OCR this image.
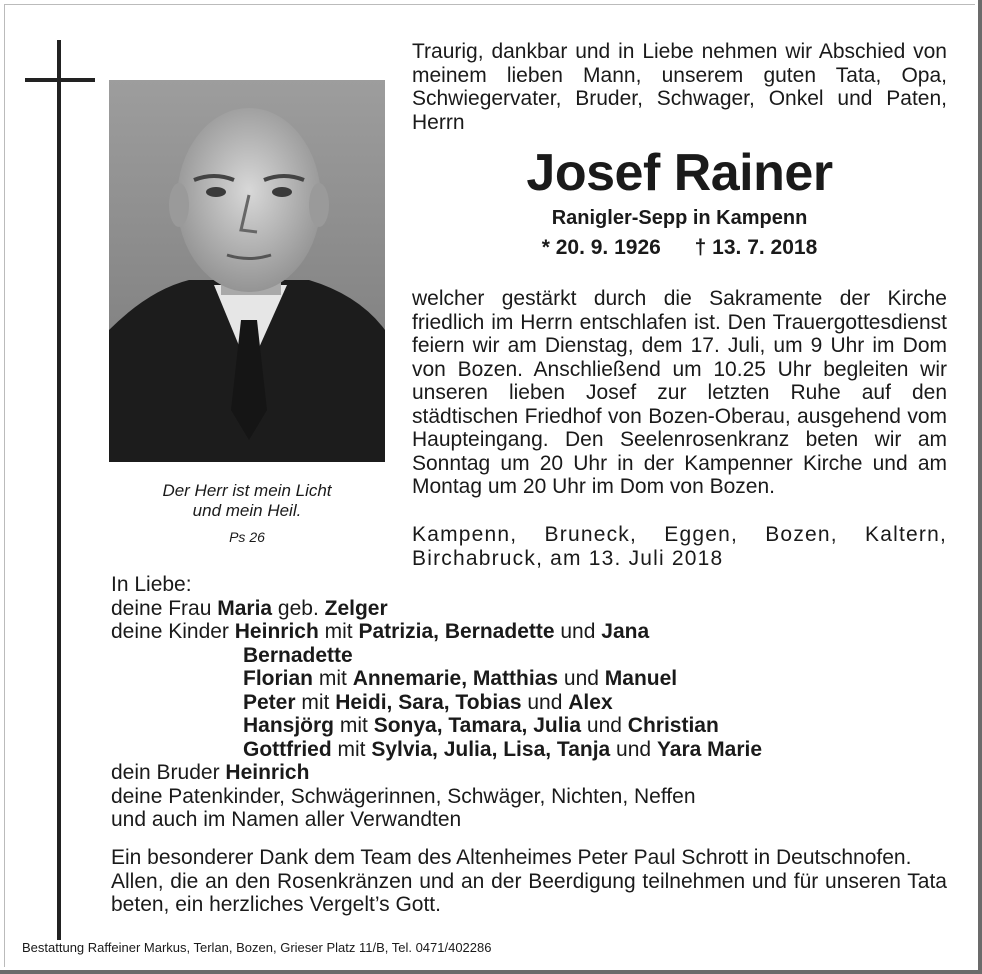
Traurig, dankbar und in Liebe nehmen wir Abschied von meinem lieben Mann, unserem guten Tata, Opa, Schwiegervater, Bruder, Schwager, Onkel und Paten, Herrn

Josef Rainer
Ranigler-Sepp in Kampenn
* 20. 9. 1926 † 13. 7. 2018

welcher gestärkt durch die Sakramente der Kirche friedlich im Herrn entschlafen ist. Den Trauergottesdienst feiern wir am Dienstag, dem 17. Juli, um 9 Uhr im Dom von Bozen. Anschließend um 10.25 Uhr begleiten wir unseren lieben Josef zur letzten Ruhe auf den städtischen Friedhof von Bozen-Oberau, ausgehend vom Haupteingang. Den Seelenrosenkranz beten wir am Sonntag um 20 Uhr in der Kampenner Kirche und am Montag um 20 Uhr im Dom von Bozen.

Kampenn, Bruneck, Eggen, Bozen, Kaltern, Birchabruck, am 13. Juli 2018

Der Herr ist mein Licht
und mein Heil.
Ps 26
In Liebe:
deine Frau Maria geb. Zelger
deine Kinder Heinrich mit Patrizia, Bernadette und Jana
Bernadette
Florian mit Annemarie, Matthias und Manuel
Peter mit Heidi, Sara, Tobias und Alex
Hansjörg mit Sonya, Tamara, Julia und Christian
Gottfried mit Sylvia, Julia, Lisa, Tanja und Yara Marie
dein Bruder Heinrich
deine Patenkinder, Schwägerinnen, Schwäger, Nichten, Neffen
und auch im Namen aller Verwandten
Ein besonderer Dank dem Team des Altenheimes Peter Paul Schrott in Deutschnofen.
Allen, die an den Rosenkränzen und an der Beerdigung teilnehmen und für unseren Tata beten, ein herzliches Vergelt’s Gott.
Bestattung Raffeiner Markus, Terlan, Bozen, Grieser Platz 11/B, Tel. 0471/402286
